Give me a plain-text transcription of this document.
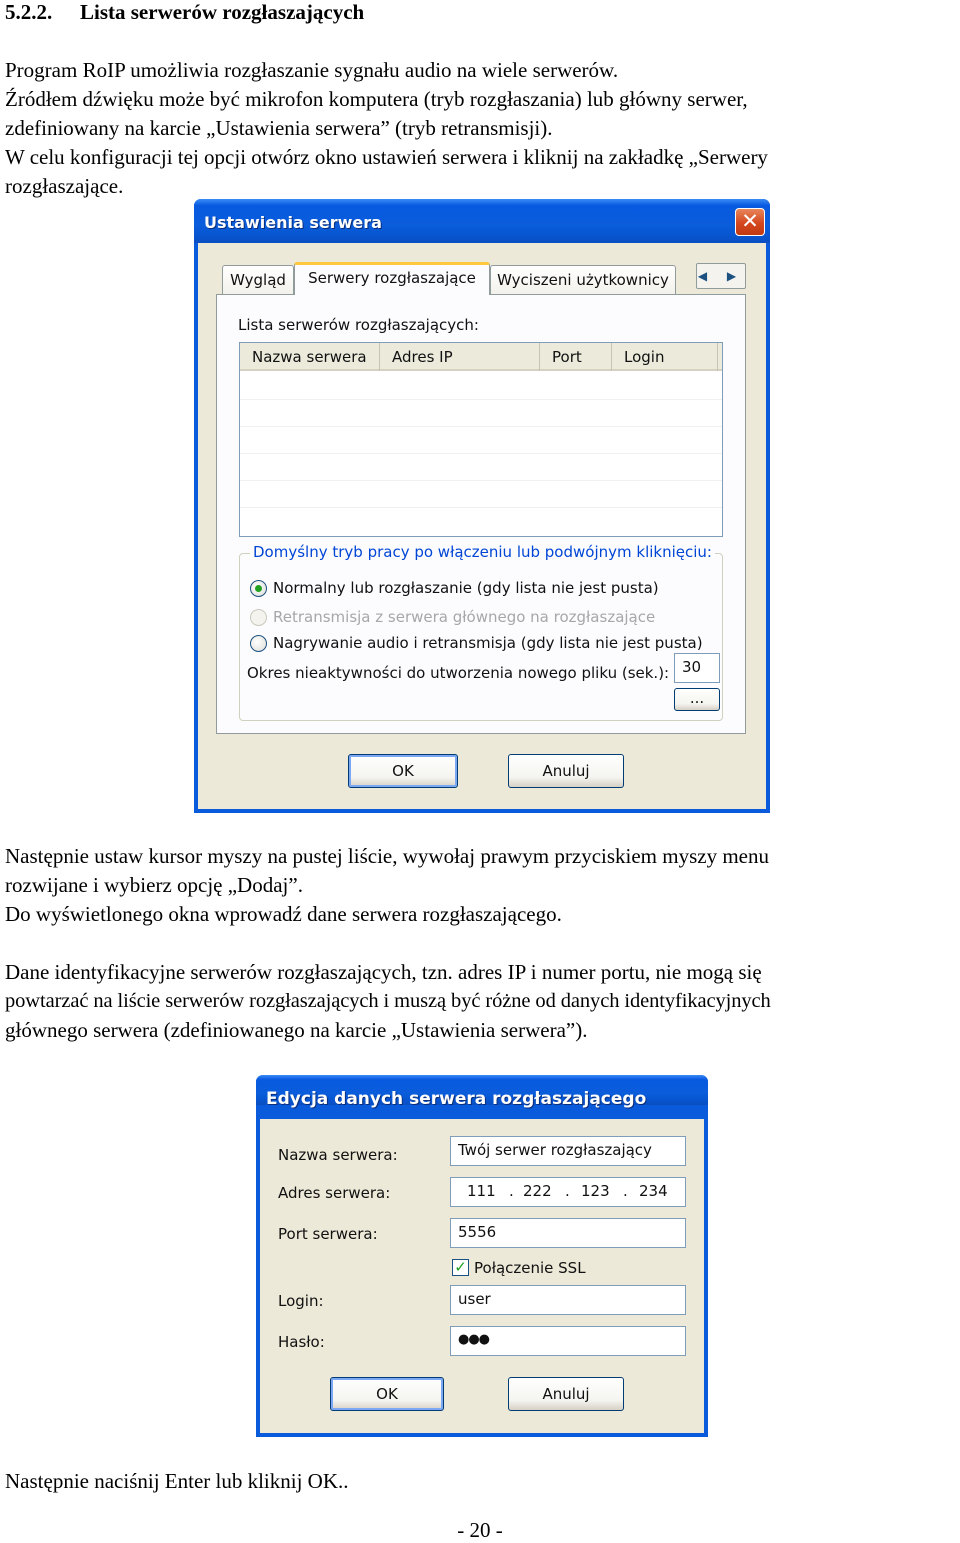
5.2.2. Lista serwerów rozgłaszających
Program RoIP umożliwia rozgłaszanie sygnału audio na wiele serwerów.
Źródłem dźwięku może być mikrofon komputera (tryb rozgłaszania) lub główny serwer,
zdefiniowany na karcie „Ustawienia serwera” (tryb retransmisji).
W celu konfiguracji tej opcji otwórz okno ustawień serwera i kliknij na zakładkę „Serwery
rozgłaszające.
Ustawienia serwera	✕
Wygląd	Serwery rozgłaszające	Wyciszeni użytkownicy	◀ ▶
Lista serwerów rozgłaszających:
Nazwa serwera	Adres IP	Port	Login
Domyślny tryb pracy po włączeniu lub podwójnym kliknięciu:
Normalny lub rozgłaszanie (gdy lista nie jest pusta)
Retransmisja z serwera głównego na rozgłaszające
Nagrywanie audio i retransmisja (gdy lista nie jest pusta)
Okres nieaktywności do utworzenia nowego pliku (sek.): 30
...
OK	Anuluj
Następnie ustaw kursor myszy na pustej liście, wywołaj prawym przyciskiem myszy menu
rozwijane i wybierz opcję „Dodaj”.
Do wyświetlonego okna wprowadź dane serwera rozgłaszającego.
Dane identyfikacyjne serwerów rozgłaszających, tzn. adres IP i numer portu, nie mogą się
powtarzać na liście serwerów rozgłaszających i muszą być różne od danych identyfikacyjnych
głównego serwera (zdefiniowanego na karcie „Ustawienia serwera”).
Edycja danych serwera rozgłaszającego
Nazwa serwera:	Twój serwer rozgłaszający
Adres serwera:	111 . 222 . 123 . 234
Port serwera:	5556
✓ Połączenie SSL
Login:	user
Hasło:	●●●
OK	Anuluj
Następnie naciśnij Enter lub kliknij OK..
- 20 -
